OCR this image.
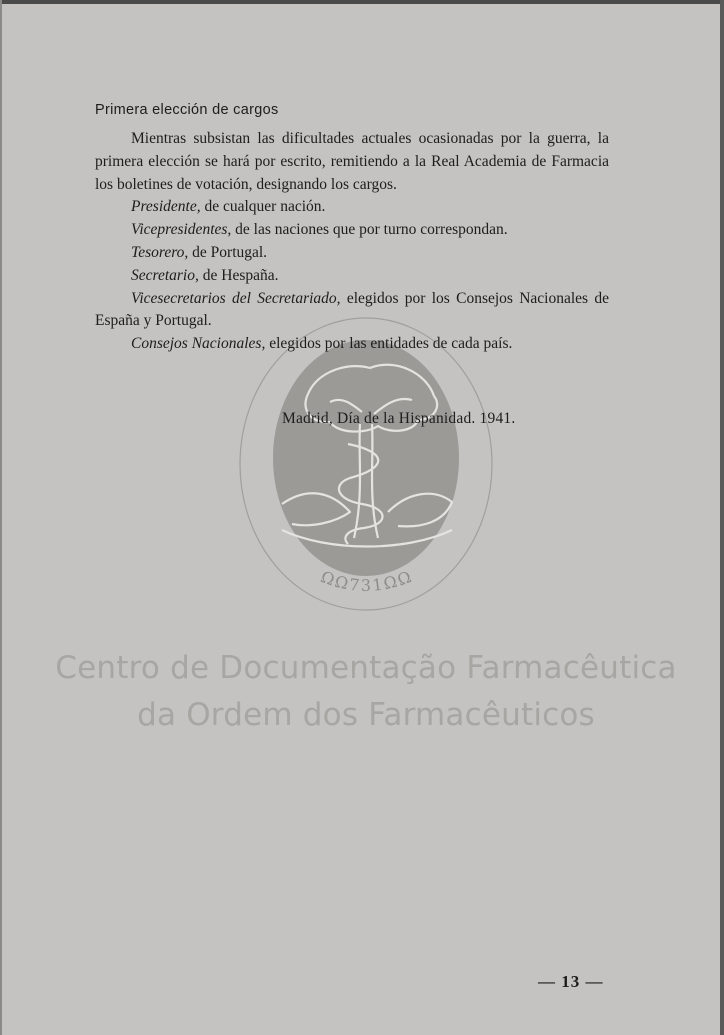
ΩΩ731ΩΩ

Primera elección de cargos

Mientras subsistan las dificultades actuales ocasionadas por la guerra, la primera elección se hará por escrito, remitiendo a la Real Academia de Farmacia los boletines de votación, designando los cargos.

Presidente, de cualquer nación.

Vicepresidentes, de las naciones que por turno correspondan.

Tesorero, de Portugal.

Secretario, de Hespaña.

Vicesecretarios del Secretariado, elegidos por los Consejos Nacionales de España y Portugal.

Consejos Nacionales, elegidos por las entidades de cada país.

Madrid, Día de la Hispanidad. 1941.
Centro de Documentação Farmacêutica
da Ordem dos Farmacêuticos
— 13 —
